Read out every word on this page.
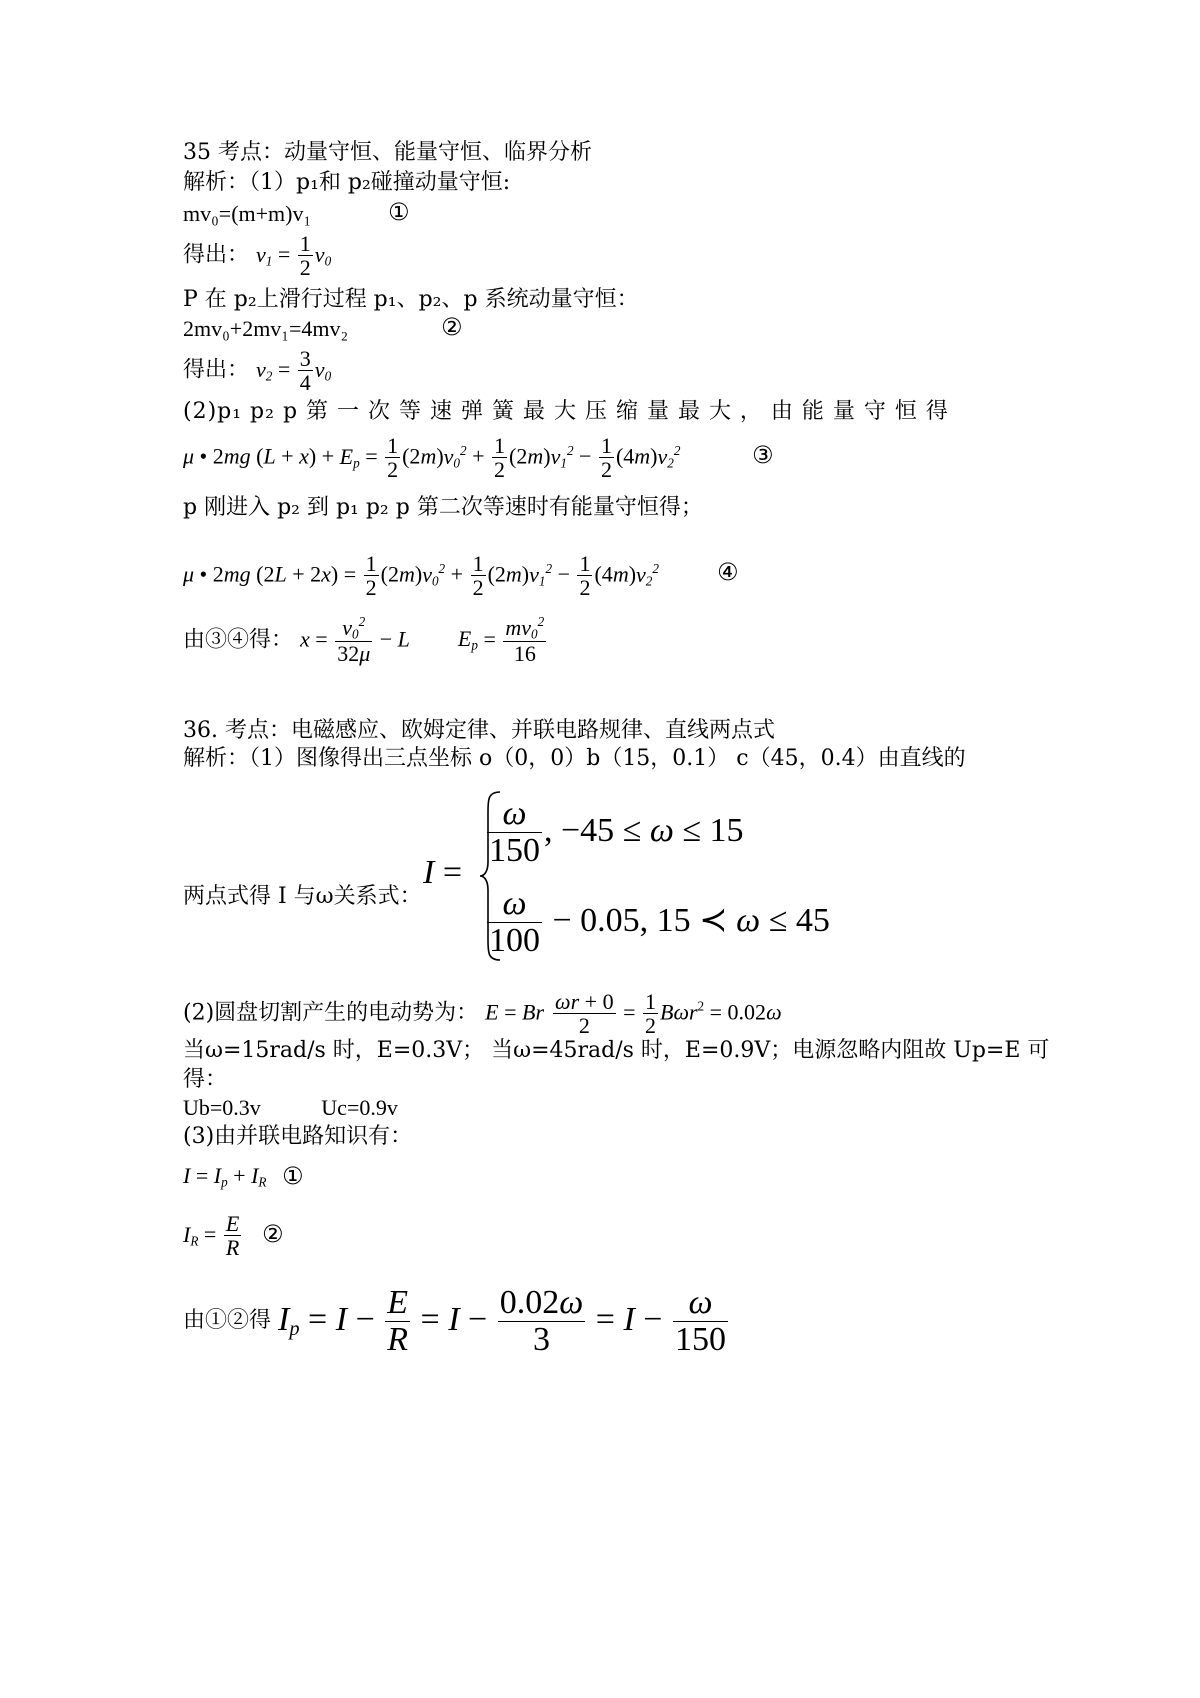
35 考点：动量守恒、能量守恒、临界分析
解析：（1）p₁和 p₂碰撞动量守恒:
mv₀=(m+m)v₁	①
得出： $v_1 = \frac{1}{2} v_0$
P 在 p₂上滑行过程 p₁、p₂、p 系统动量守恒：
2mv₀+2mv₁=4mv₂	②
得出： $v_2 = \frac{3}{4} v_0$
(2)p₁ p₂ p 第 一 次 等 速 弹 簧 最 大 压 缩 量 最 大 ， 由 能 量 守 恒 得
μ • 2mg $(L + x) + E_p = \frac{1}{2} (2m)v_0^2 + \frac{1}{2} (2m)v_1^2 - \frac{1}{2} (4m)v_2^2$	③
p 刚进入 p₂ 到 p₁ p₂ p 第二次等速时有能量守恒得；
μ • 2mg $(2L + 2x) = \frac{1}{2} (2m)v_0^2 + \frac{1}{2} (2m)v_1^2 - \frac{1}{2} (4m)v_2^2$ ④
由③④得： $x = \frac{v_0^2}{32\mu} - L$ $E_p = \frac{mv_0^2}{16}$
36. 考点：电磁感应、欧姆定律、并联电路规律、直线两点式
解析：（1）图像得出三点坐标 o（0，0）b（15，0.1） c（45，0.4）由直线的
两点式得 I 与ω关系式：
I =
$\frac{\omega}{150}$ , −45 ≤ ω ≤ 15
$\frac{\omega}{100} - 0.05$, 15 ≺ ω ≤ 45
(2)圆盘切割产生的电动势为： E = Br $\frac{\omega r + 0}{2} = \frac{1}{2} B\omega r^2 = 0.02\omega$
当ω=15rad/s 时，E=0.3V； 当ω=45rad/s 时，E=0.9V；电源忽略内阻故 Up=E 可
得：
Ub=0.3v           Uc=0.9v
(3)由并联电路知识有：
$I = I_p + I_R$ ①
$I_R = \frac{E}{R}$ ②
由①②得 $I_p = I - \frac{E}{R} = I - \frac{0.02\omega}{3} = I - \frac{\omega}{150}$
